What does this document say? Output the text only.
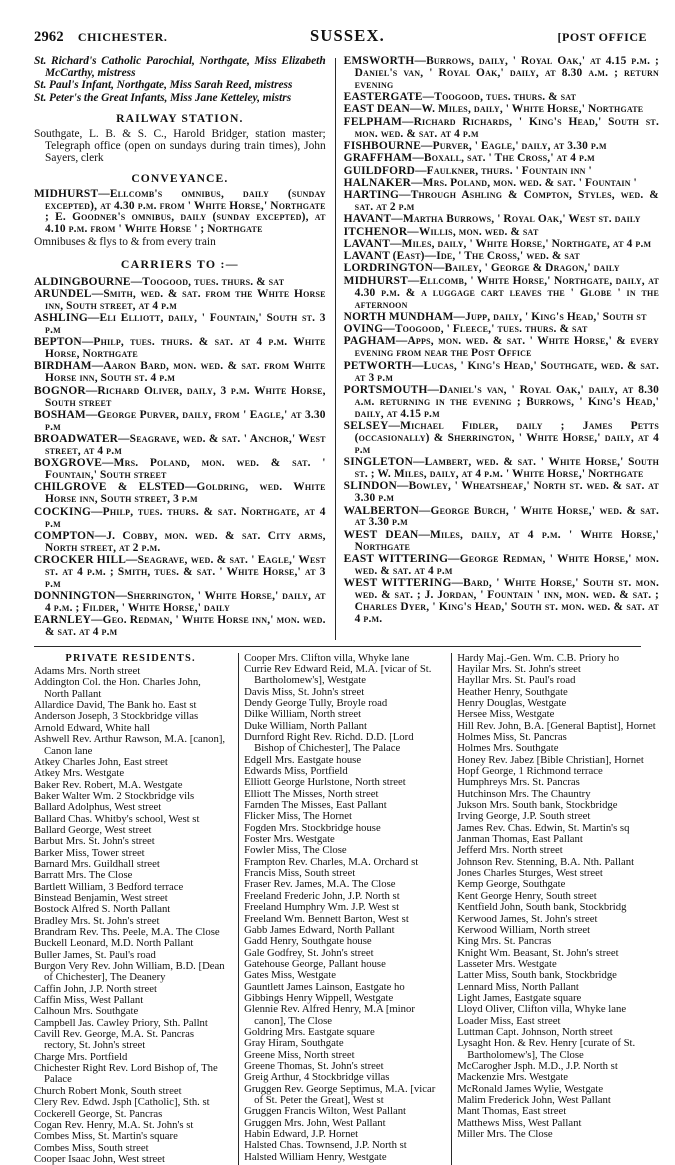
2962 CHICHESTER.	SUSSEX.	[POST OFFICE

St. Richard's Catholic Parochial, Northgate, Miss Elizabeth McCarthy, mistress

St. Paul's Infant, Northgate, Miss Sarah Reed, mistress

St. Peter's the Great Infants, Miss Jane Ketteley, mistrs

RAILWAY STATION.

Southgate, L. B. & S. C., Harold Bridger, station master; Telegraph office (open on sundays during train times), John Sayers, clerk

CONVEYANCE.

MIDHURST—Ellcomb's omnibus, daily (sunday excepted), at 4.30 p.m. from ' White Horse,' Northgate ; E. Goodner's omnibus, daily (sunday excepted), at 4.10 p.m. from ' White Horse ' ; Northgate

Omnibuses & flys to & from every train

CARRIERS TO :—

ALDINGBOURNE—Toogood, tues. thurs. & sat

ARUNDEL—Smith, wed. & sat. from the White Horse inn, South street, at 4 p.m

ASHLING—Eli Elliott, daily, ' Fountain,' South st. 3 p.m

BEPTON—Philp, tues. thurs. & sat. at 4 p.m. White Horse, Northgate

BIRDHAM—Aaron Bard, mon. wed. & sat. from White Horse inn, South st. 4 p.m

BOGNOR—Richard Oliver, daily, 3 p.m. White Horse, South street

BOSHAM—George Purver, daily, from ' Eagle,' at 3.30 p.m

BROADWATER—Seagrave, wed. & sat. ' Anchor,' West street, at 4 p.m

BOXGROVE—Mrs. Poland, mon. wed. & sat. ' Fountain,' South street

CHILGROVE & ELSTED—Goldring, wed. White Horse inn, South street, 3 p.m

COCKING—Philp, tues. thurs. & sat. Northgate, at 4 p.m

COMPTON—J. Cobby, mon. wed. & sat. City arms, North street, at 2 p.m.

CROCKER HILL—Seagrave, wed. & sat. ' Eagle,' West st. at 4 p.m. ; Smith, tues. & sat. ' White Horse,' at 3 p.m

DONNINGTON—Sherrington, ' White Horse,' daily, at 4 p.m. ; Filder, ' White Horse,' daily

EARNLEY—Geo. Redman, ' White Horse inn,' mon. wed. & sat. at 4 p.m

EMSWORTH—Burrows, daily, ' Royal Oak,' at 4.15 p.m. ; Daniel's van, ' Royal Oak,' daily, at 8.30 a.m. ; return evening

EASTERGATE—Toogood, tues. thurs. & sat

EAST DEAN—W. Miles, daily, ' White Horse,' Northgate

FELPHAM—Richard Richards, ' King's Head,' South st. mon. wed. & sat. at 4 p.m

FISHBOURNE—Purver, ' Eagle,' daily, at 3.30 p.m

GRAFFHAM—Boxall, sat. ' The Cross,' at 4 p.m

GUILDFORD—Faulkner, thurs. ' Fountain inn '

HALNAKER—Mrs. Poland, mon. wed. & sat. ' Fountain '

HARTING—Through Ashling & Compton, Styles, wed. & sat. at 2 p.m

HAVANT—Martha Burrows, ' Royal Oak,' West st. daily

ITCHENOR—Willis, mon. wed. & sat

LAVANT—Miles, daily, ' White Horse,' Northgate, at 4 p.m

LAVANT (East)—Ide, ' The Cross,' wed. & sat

LORDRINGTON—Bailey, ' George & Dragon,' daily

MIDHURST—Ellcomb, ' White Horse,' Northgate, daily, at 4.30 p.m. & a luggage cart leaves the ' Globe ' in the afternoon

NORTH MUNDHAM—Jupp, daily, ' King's Head,' South st

OVING—Toogood, ' Fleece,' tues. thurs. & sat

PAGHAM—Apps, mon. wed. & sat. ' White Horse,' & every evening from near the Post Office

PETWORTH—Lucas, ' King's Head,' Southgate, wed. & sat. at 3 p.m

PORTSMOUTH—Daniel's van, ' Royal Oak,' daily, at 8.30 a.m. returning in the evening ; Burrows, ' King's Head,' daily, at 4.15 p.m

SELSEY—Michael Fidler, daily ; James Petts (occasionally) & Sherrington, ' White Horse,' daily, at 4 p.m

SINGLETON—Lambert, wed. & sat. ' White Horse,' South st. ; W. Miles, daily, at 4 p.m. ' White Horse,' Northgate

SLINDON—Bowley, ' Wheatsheaf,' North st. wed. & sat. at 3.30 p.m

WALBERTON—George Burch, ' White Horse,' wed. & sat. at 3.30 p.m

WEST DEAN—Miles, daily, at 4 p.m. ' White Horse,' Northgate

EAST WITTERING—George Redman, ' White Horse,' mon. wed. & sat. at 4 p.m

WEST WITTERING—Bard, ' White Horse,' South st. mon. wed. & sat. ; J. Jordan, ' Fountain ' inn, mon. wed. & sat. ; Charles Dyer, ' King's Head,' South st. mon. wed. & sat. at 4 p.m.

PRIVATE RESIDENTS.

Adams Mrs. North street

Addington Col. the Hon. Charles John, North Pallant

Allardice David, The Bank ho. East st

Anderson Joseph, 3 Stockbridge villas

Arnold Edward, White hall

Ashwell Rev. Arthur Rawson, M.A. [canon], Canon lane

Atkey Charles John, East street

Atkey Mrs. Westgate

Baker Rev. Robert, M.A. Westgate

Baker Walter Wm. 2 Stockbridge vils

Ballard Adolphus, West street

Ballard Chas. Whitby's school, West st

Ballard George, West street

Barbut Mrs. St. John's street

Barker Miss, Tower street

Barnard Mrs. Guildhall street

Barratt Mrs. The Close

Bartlett William, 3 Bedford terrace

Binstead Benjamin, West street

Bostock Alfred S. North Pallant

Bradley Mrs. St. John's street

Brandram Rev. Ths. Peele, M.A. The Close

Buckell Leonard, M.D. North Pallant

Buller James, St. Paul's road

Burgon Very Rev. John William, B.D. [Dean of Chichester], The Deanery

Caffin John, J.P. North street

Caffin Miss, West Pallant

Calhoun Mrs. Southgate

Campbell Jas. Cawley Priory, Sth. Pallnt

Cavill Rev. George, M.A. St. Pancras rectory, St. John's street

Charge Mrs. Portfield

Chichester Right Rev. Lord Bishop of, The Palace

Church Robert Monk, South street

Clery Rev. Edwd. Jsph [Catholic], Sth. st

Cockerell George, St. Pancras

Cogan Rev. Henry, M.A. St. John's st

Combes Miss, St. Martin's square

Combes Miss, South street

Cooper Isaac John, West street

Cooper Mrs. Clifton villa, Whyke lane

Currie Rev Edward Reid, M.A. [vicar of St. Bartholomew's], Westgate

Davis Miss, St. John's street

Dendy George Tully, Broyle road

Dilke William, North street

Duke William, North Pallant

Durnford Right Rev. Richd. D.D. [Lord Bishop of Chichester], The Palace

Edgell Mrs. Eastgate house

Edwards Miss, Portfield

Elliott George Hurlstone, North street

Elliott The Misses, North street

Farnden The Misses, East Pallant

Flicker Miss, The Hornet

Fogden Mrs. Stockbridge house

Foster Mrs. Westgate

Fowler Miss, The Close

Frampton Rev. Charles, M.A. Orchard st

Francis Miss, South street

Fraser Rev. James, M.A. The Close

Freeland Frederic John, J.P. North st

Freeland Humphry Wm. J.P. West st

Freeland Wm. Bennett Barton, West st

Gabb James Edward, North Pallant

Gadd Henry, Southgate house

Gale Godfrey, St. John's street

Gatehouse George, Pallant house

Gates Miss, Westgate

Gauntlett James Lainson, Eastgate ho

Gibbings Henry Wippell, Westgate

Glennie Rev. Alfred Henry, M.A [minor canon], The Close

Goldring Mrs. Eastgate square

Gray Hiram, Southgate

Greene Miss, North street

Greene Thomas, St. John's street

Greig Arthur, 4 Stockbridge villas

Gruggen Rev. George Septimus, M.A. [vicar of St. Peter the Great], West st

Gruggen Francis Wilton, West Pallant

Gruggen Mrs. John, West Pallant

Habin Edward, J.P. Hornet

Halsted Chas. Townsend, J.P. North st

Halsted William Henry, Westgate

Hardy Maj.-Gen. Wm. C.B. Priory ho

Hayilar Mrs. St. John's street

Hayllar Mrs. St. Paul's road

Heather Henry, Southgate

Henry Douglas, Westgate

Hersee Miss, Westgate

Hill Rev. John, B.A. [General Baptist], Hornet

Holmes Miss, St. Pancras

Holmes Mrs. Southgate

Honey Rev. Jabez [Bible Christian], Hornet

Hopf George, 1 Richmond terrace

Humphreys Mrs. St. Pancras

Hutchinson Mrs. The Chauntry

Jukson Mrs. South bank, Stockbridge

Irving George, J.P. South street

James Rev. Chas. Edwin, St. Martin's sq

Janman Thomas, East Pallant

Jefferd Mrs. North street

Johnson Rev. Stenning, B.A. Nth. Pallant

Jones Charles Sturges, West street

Kemp George, Southgate

Kent George Henry, South street

Kentfield John, South bank, Stockbridg

Kerwood James, St. John's street

Kerwood William, North street

King Mrs. St. Pancras

Knight Wm. Beasant, St. John's street

Lasseter Mrs. Westgate

Latter Miss, South bank, Stockbridge

Lennard Miss, North Pallant

Light James, Eastgate square

Lloyd Oliver, Clifton villa, Whyke lane

Loader Miss, East street

Luttman Capt. Johnson, North street

Lysaght Hon. & Rev. Henry [curate of St. Bartholomew's], The Close

McCarogher Jsph. M.D., J.P. North st

Mackenzie Mrs. Westgate

McRonald James Wylie, Westgate

Malim Frederick John, West Pallant

Mant Thomas, East street

Matthews Miss, West Pallant

Miller Mrs. The Close
